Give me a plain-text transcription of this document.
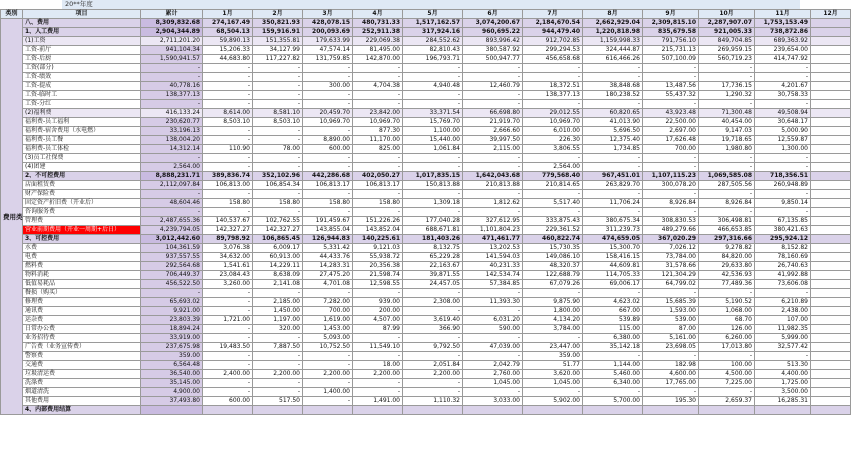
20**年度
类别	项目	累计	1月	2月	3月	4月	5月	6月	7月	8月	9月	10月	11月	12月
费用类	八、费用	8,309,832.68	274,167.49	350,821.93	428,078.15	480,731.33	1,517,162.57	3,074,200.67	2,184,670.54	2,662,929.04	2,309,815.10	2,287,907.07	1,753,153.49	
	1、人工费用	2,904,344.89	68,504.13	159,916.91	200,093.69	252,911.38	317,924.16	960,695.22	944,479.40	1,220,818.98	835,679.58	921,005.33	738,872.86	
	(1)工资	2,711,201.20	59,890.13	151,355.81	179,633.99	229,069.38	284,552.62	893,996.42	912,702.85	1,159,998.33	791,756.10	849,704.85	689,363.92	
	工资-前厅	941,104.34	15,206.33	34,127.99	47,574.14	81,495.00	82,810.43	380,587.92	299,294.53	324,444.87	215,731.13	269,959.15	239,654.00	
	工资-后厨	1,590,941.57	44,683.80	117,227.82	131,759.85	142,870.00	196,793.71	500,947.77	456,658.68	616,466.26	507,100.09	560,719.23	414,747.92	
	工资(部分)	-	-	-	-	-	-	-	-	-	-	-	-	
	工资-绩效	-	-	-	-	-	-	-	-	-	-	-	-	
	工资-提成	40,778.16	-	-	300.00	4,704.38	4,940.48	12,460.79	18,372.51	38,848.68	13,487.56	17,736.15	4,201.67	
	工资-临时工	138,377.13	-	-	-	-	-	-	138,377.13	180,238.52	55,437.32	1,290.32	30,758.33	
	工资-分红	-	-	-	-	-	-	-	-	-	-	-	-	
	(2)福利费	416,133.24	8,614.00	8,581.10	20,459.70	23,842.00	33,371.54	66,698.80	29,012.55	60,820.65	43,923.48	71,300.48	49,508.94	
	福利费-员工福利	230,620.77	8,503.10	8,503.10	10,969.70	10,969.70	15,769.70	21,919.70	10,969.70	41,013.90	22,500.00	40,454.00	30,648.17	
	福利费-宿舍费用（水电燃）	33,196.13	-	-	-	877.30	1,100.00	2,666.60	6,010.00	5,696.50	2,697.00	9,147.03	5,000.90	
	福利费-员工餐	138,004.20	-	-	8,890.00	11,170.00	15,440.00	39,997.50	226.30	12,375.40	17,626.48	19,718.65	12,559.87	
	福利费-员工体检	14,312.14	110.90	78.00	600.00	825.00	1,061.84	2,115.00	3,806.55	1,734.85	700.00	1,980.80	1,300.00	
	(3)员工社保费	-	-	-	-	-	-	-	-	-	-	-	-	
	(4)团建	2,564.00	-	-	-	-	-	-	2,564.00	-	-	-	-	
	2、不可控费用	8,888,231.71	389,836.74	352,102.96	442,286.68	402,050.27	1,017,835.15	1,642,043.68	779,568.40	967,451.01	1,107,115.23	1,069,585.08	718,356.51	
	店面租赁费	2,112,097.84	106,813.00	106,854.34	106,813.17	106,813.17	150,813.88	210,813.88	210,814.65	263,829.70	300,078.20	287,505.56	260,948.89	
	财产保险费	-	-	-	-	-	-	-	-	-	-	-	-	
	固定资产折旧费（开业后）	48,604.46	158.80	158.80	158.80	158.80	1,309.18	1,812.62	5,517.40	11,706.24	8,926.84	8,926.84	9,850.14	
	咨询服务费	-	-	-	-	-	-	-	-	-	-	-	-	
	管理费	2,487,655.36	140,537.67	102,762.55	191,459.67	151,226.26	177,040.28	327,612.95	333,875.43	380,675.34	308,830.53	306,498.81	67,135.85	
	营业前期费用（开业一周期+后日）	4,239,794.05	142,327.27	142,327.27	143,855.04	143,852.04	688,671.81	1,101,804.23	229,361.52	311,239.73	489,279.66	466,653.85	380,421.63	
	3、可控费用	3,012,442.60	89,798.92	106,865.45	126,944.83	140,225.61	181,403.26	471,461.77	460,822.74	474,659.05	367,020.29	297,316.66	295,924.12	
	水费	104,361.59	3,076.38	6,009.17	5,331.42	9,121.03	8,132.75	13,202.53	15,730.35	15,300.70	7,026.12	9,278.82	8,152.82	
	电费	937,557.55	34,632.00	60,913.00	44,433.76	55,938.72	65,229.28	141,594.03	149,086.10	158,416.15	73,784.00	84,820.00	78,160.69	
	燃料费	292,564.68	1,541.61	14,229.11	14,283.31	20,356.38	22,163.67	40,231.33	48,320.37	44,609.81	31,578.66	29,633.80	26,740.63	
	物料消耗	706,449.37	23,084.43	8,638.09	27,475.20	21,598.74	39,871.55	142,534.74	122,688.79	114,705.33	121,304.29	42,536.93	41,992.88	
	低值易耗品	456,522.50	3,260.00	2,141.08	4,701.08	12,598.55	24,457.05	57,384.85	67,079.26	69,006.17	64,799.02	77,489.36	73,606.08	
	餐损（购买）	-	-	-	-	-	-	-	-	-	-	-	-	
	修理费	65,693.02	-	2,185.00	7,282.00	939.00	2,308.00	11,393.30	9,875.90	4,623.02	15,685.39	5,190.52	6,210.89	
	通讯费	9,921.00	-	1,450.00	700.00	200.00	-	-	1,800.00	667.00	1,593.00	1,068.00	2,438.00	
	运杂费	23,803.39	1,721.00	1,197.00	1,619.00	4,507.00	3,619.40	6,031.20	4,134.20	539.89	539.00	68.70	107.00	
	日常办公费	18,894.24	-	320.00	1,453.00	87.99	366.90	590.00	3,784.00	115.00	87.00	126.00	11,982.35	
	业务招待费	33,919.00	-	-	5,093.00	-	-	-	-	6,380.00	5,161.00	6,260.00	5,999.00	
	广告费（业务宣传费）	237,675.98	19,483.50	7,887.50	10,752.50	11,549.10	9,792.50	47,039.00	23,447.00	35,142.18	23,698.05	17,013.80	32,577.42	
	警察费	359.00	-	-	-	-	-	-	359.00	-	-	-	-	
	交通费	6,564.48	-	-	-	18.00	2,051.84	2,042.79	51.77	1,144.00	182.98	100.00	513.30	
	垃圾清运费	36,540.00	2,400.00	2,200.00	2,200.00	2,200.00	2,200.00	2,760.00	3,620.00	5,460.00	4,600.00	4,500.00	4,400.00	
	洗涤费	35,145.00	-	-	-	-	-	1,045.00	1,045.00	6,340.00	17,765.00	7,225.00	1,725.00	
	烟道清洗	4,900.00	-	-	1,400.00	-	-	-	-	-	-	-	3,500.00	
	其他费用	37,493.80	600.00	517.50	-	1,491.00	1,110.32	3,033.00	5,902.00	5,700.00	195.30	2,659.37	16,285.31	
	4、内部费用结算													
